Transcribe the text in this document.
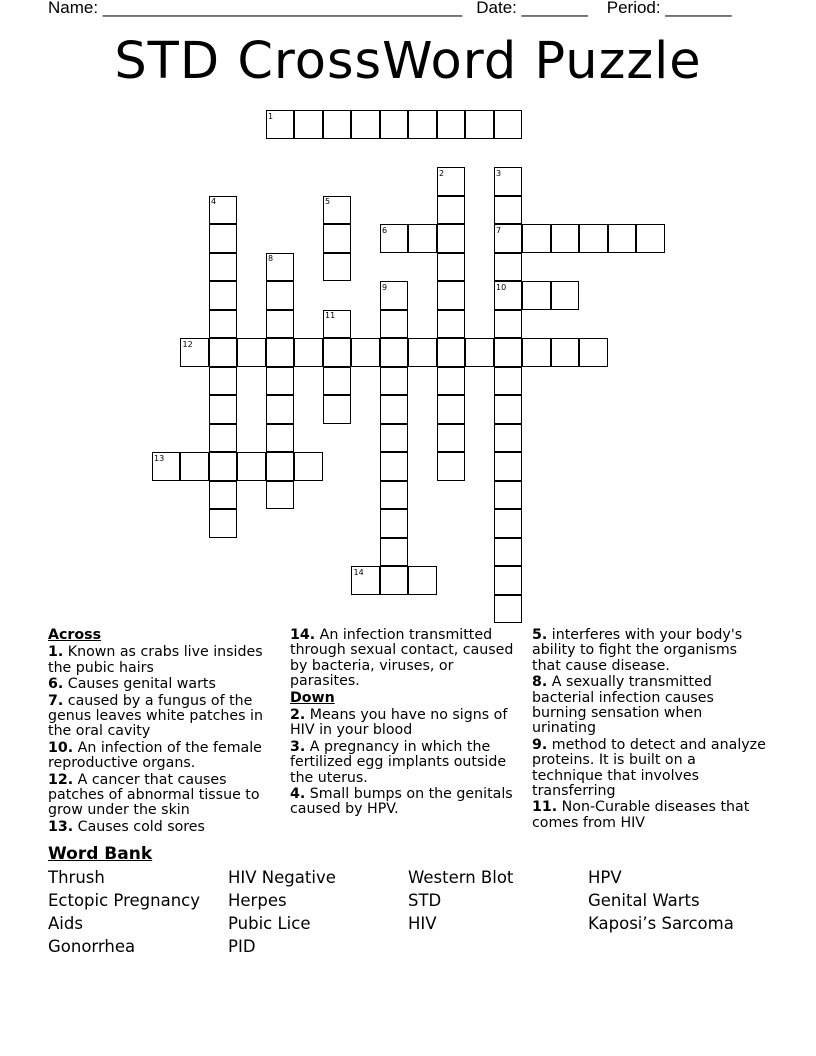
Name: ______________________________________ Date: _______ Period: _______
STD CrossWord Puzzle
1
6	7
10
12
13
14
2	3
4	5
8
9
11
Across
1. Known as crabs live insides the pubic hairs
6. Causes genital warts
7. caused by a fungus of the genus leaves white patches in the oral cavity
10. An infection of the female reproductive organs.
12. A cancer that causes patches of abnormal tissue to grow under the skin
13. Causes cold sores
14. An infection transmitted through sexual contact, caused by bacteria, viruses, or parasites.
Down
2. Means you have no signs of HIV in your blood
3. A pregnancy in which the fertilized egg implants outside the uterus.
4. Small bumps on the genitals caused by HPV.
5. interferes with your body's ability to fight the organisms that cause disease.
8. A sexually transmitted bacterial infection causes burning sensation when urinating
9. method to detect and analyze proteins. It is built on a technique that involves transferring
11. Non-Curable diseases that comes from HIV
Word Bank
Thrush	HIV Negative	Western Blot	HPV
Ectopic Pregnancy	Herpes	STD	Genital Warts
Aids	Pubic Lice	HIV	Kaposi’s Sarcoma
Gonorrhea	PID
